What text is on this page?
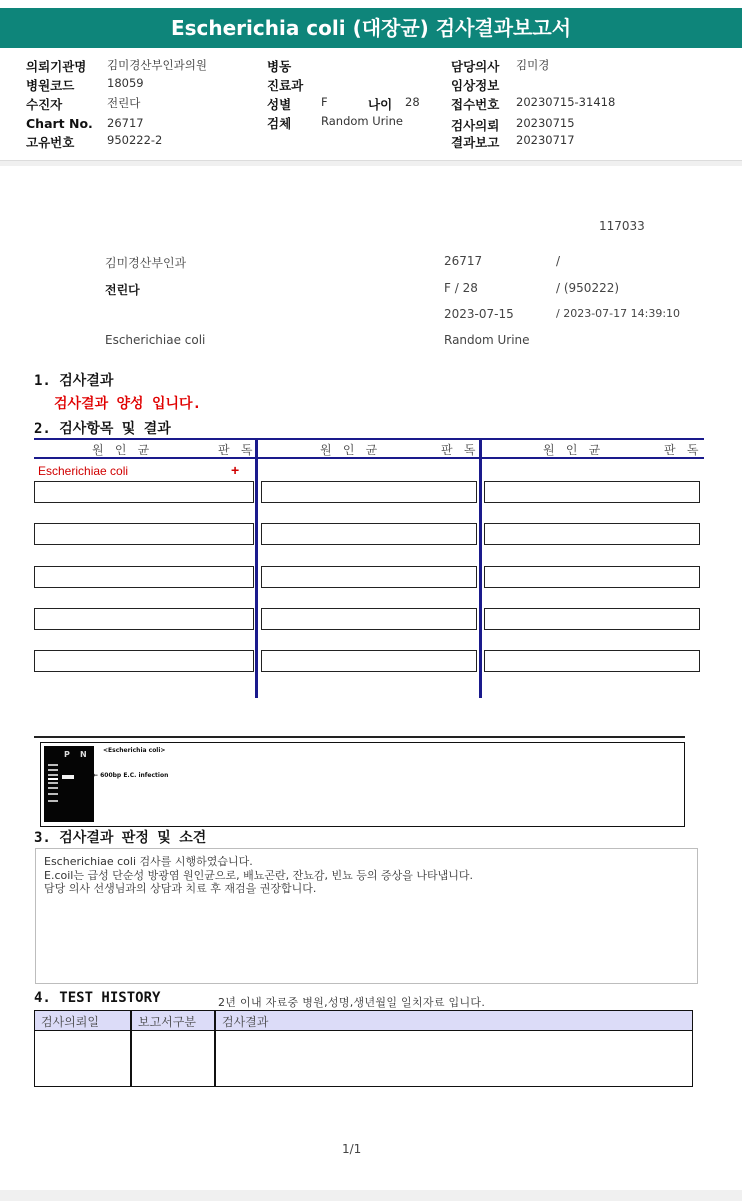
Escherichia coli (대장균) 검사결과보고서
의뢰기관명 김미경산부인과의원
병원코드	18059
수진자	전린다
Chart No. 26717
고유번호	950222-2
병동
진료과
성별	F	나이 28
검체	Random Urine
담당의사 김미경
임상정보
접수번호 20230715-31418
검사의뢰 20230715
결과보고 20230717
117033
김미경산부인과	26717	/
전린다	F / 28	/ (950222)
2023-07-15	/ 2023-07-17 14:39:10
Escherichiae coli	Random Urine
1. 검사결과
검사결과 양성 입니다.
2. 검사항목 및 결과
원 인 균	판 독	원 인 균	판 독	원 인 균	판 독
Escherichiae coli	+
P N	<Escherichia coli>
← 600bp E.C. infection
3. 검사결과 판정 및 소견
Escherichiae coli 검사를 시행하였습니다.
E.coil는 급성 단순성 방광염 원인균으로, 배뇨곤란, 잔뇨감, 빈뇨 등의 증상을 나타냅니다.
담당 의사 선생님과의 상담과 치료 후 재검을 권장합니다.
4. TEST HISTORY	2년 이내 자료중 병원,성명,생년월일 일치자료 입니다.
검사의뢰일	보고서구분 검사결과
1/1
